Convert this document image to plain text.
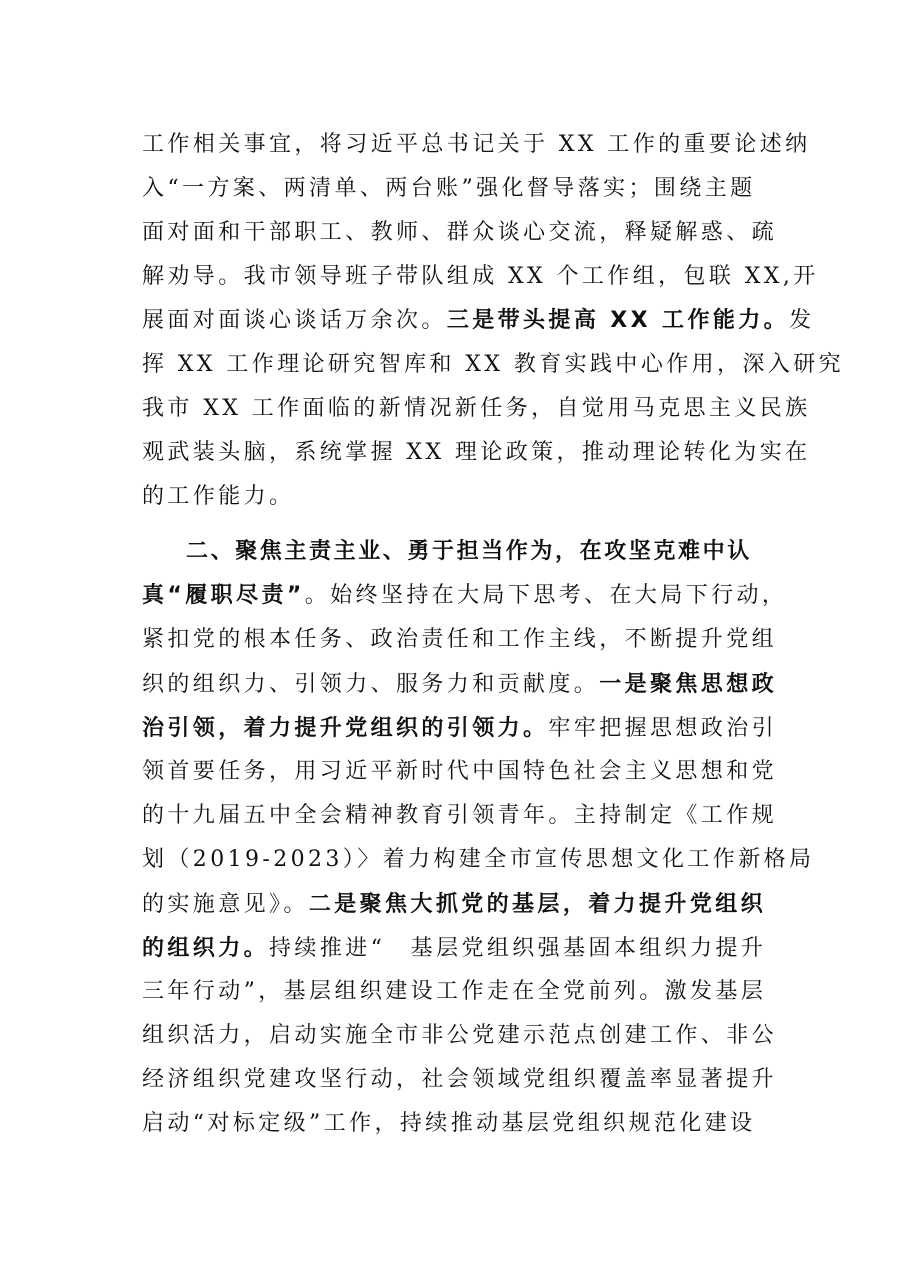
工作相关事宜，将习近平总书记关于 XX 工作的重要论述纳
入“一方案、两清单、两台账”强化督导落实；围绕主题
面对面和干部职工、教师、群众谈心交流，释疑解惑、疏
解劝导。我市领导班子带队组成 XX 个工作组，包联 XX,开
展面对面谈心谈话万余次。三是带头提高 XX 工作能力。发
挥 XX 工作理论研究智库和 XX 教育实践中心作用，深入研究
我市 XX 工作面临的新情况新任务，自觉用马克思主义民族
观武装头脑，系统掌握 XX 理论政策，推动理论转化为实在
的工作能力。
二、聚焦主责主业、勇于担当作为，在攻坚克难中认
真“履职尽责”。始终坚持在大局下思考、在大局下行动，
紧扣党的根本任务、政治责任和工作主线，不断提升党组
织的组织力、引领力、服务力和贡献度。一是聚焦思想政
治引领，着力提升党组织的引领力。牢牢把握思想政治引
领首要任务，用习近平新时代中国特色社会主义思想和党
的十九届五中全会精神教育引领青年。主持制定《工作规
划（2019-2023）〉着力构建全市宣传思想文化工作新格局
的实施意见》。二是聚焦大抓党的基层，着力提升党组织
的组织力。持续推进“　基层党组织强基固本组织力提升
三年行动”，基层组织建设工作走在全党前列。激发基层
组织活力，启动实施全市非公党建示范点创建工作、非公
经济组织党建攻坚行动，社会领域党组织覆盖率显著提升
启动“对标定级”工作，持续推动基层党组织规范化建设
